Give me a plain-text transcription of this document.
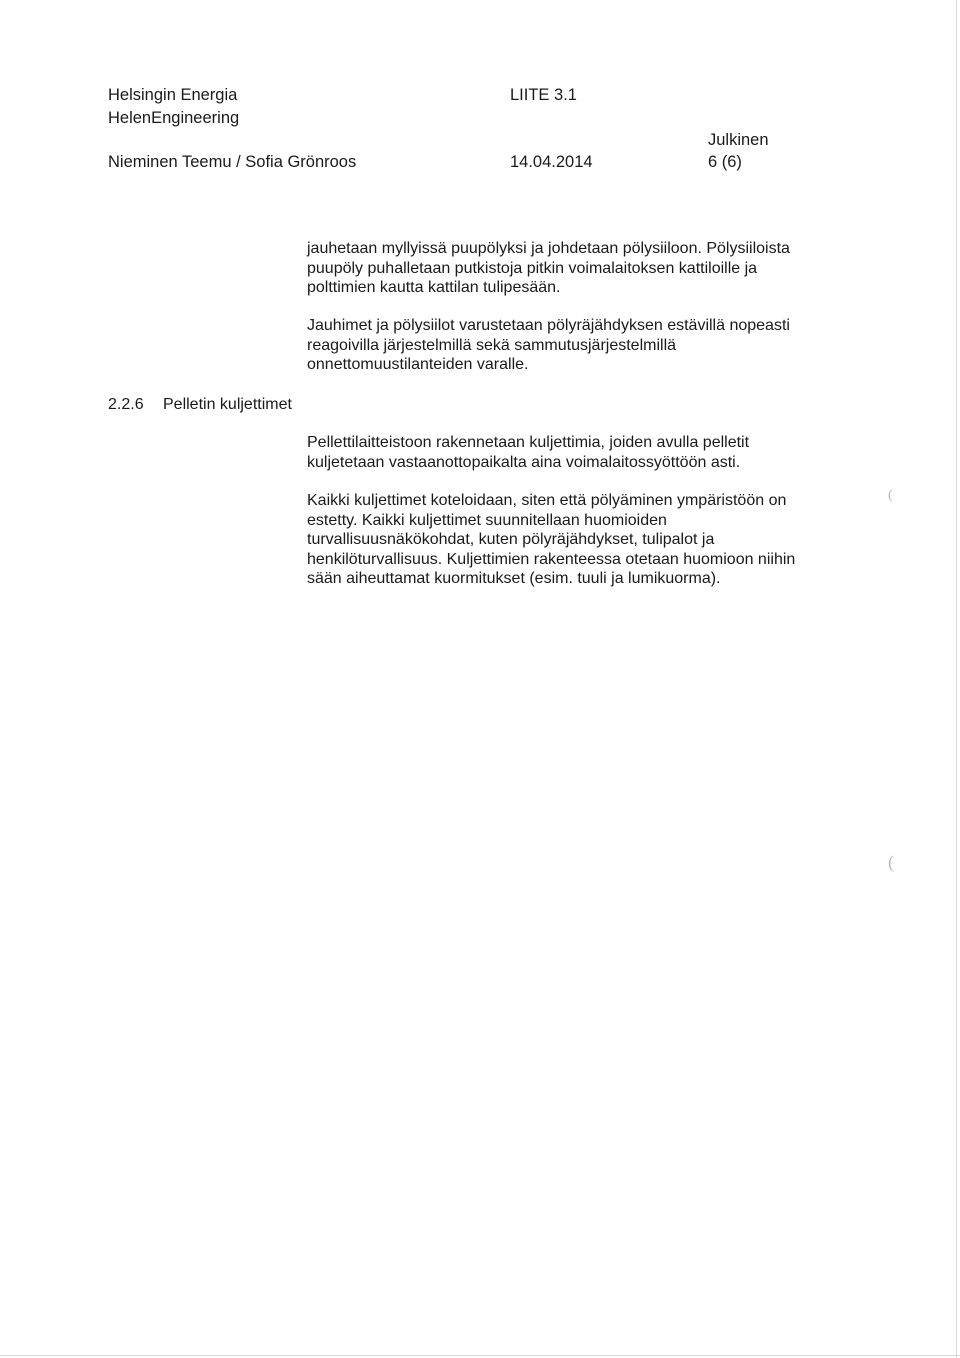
Helsingin Energia
HelenEngineering
Nieminen Teemu / Sofia Grönroos
LIITE 3.1
14.04.2014
Julkinen
6 (6)
jauhetaan myllyissä puupölyksi ja johdetaan pölysiiloon. Pölysiiloista
puupöly puhalletaan putkistoja pitkin voimalaitoksen kattiloille ja
polttimien kautta kattilan tulipesään.
Jauhimet ja pölysiilot varustetaan pölyräjähdyksen estävillä nopeasti
reagoivilla järjestelmillä sekä sammutusjärjestelmillä
onnettomuustilanteiden varalle.
2.2.6 Pelletin kuljettimet
Pellettilaitteistoon rakennetaan kuljettimia, joiden avulla pelletit
kuljetetaan vastaanottopaikalta aina voimalaitossyöttöön asti.
Kaikki kuljettimet koteloidaan, siten että pölyäminen ympäristöön on
estetty. Kaikki kuljettimet suunnitellaan huomioiden
turvallisuusnäkökohdat, kuten pölyräjähdykset, tulipalot ja
henkilöturvallisuus. Kuljettimien rakenteessa otetaan huomioon niihin
sään aiheuttamat kuormitukset (esim. tuuli ja lumikuorma).
(
(
